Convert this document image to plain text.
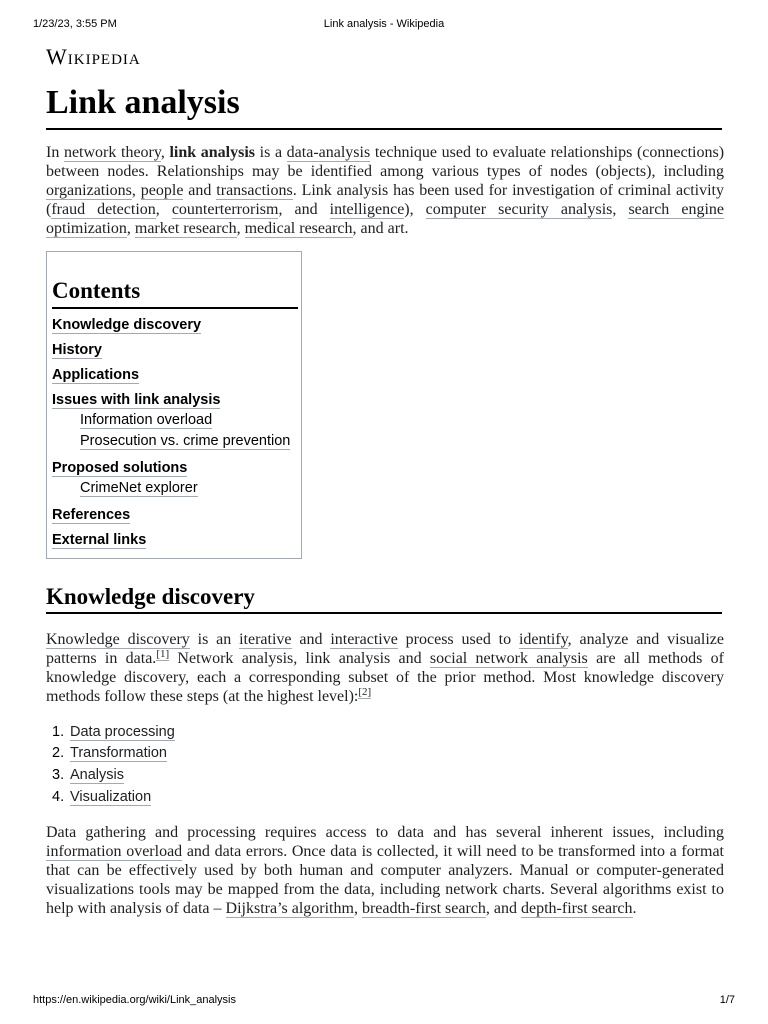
1/23/23, 3:55 PM	Link analysis - Wikipedia
Wikipedia
Link analysis

In network theory, link analysis is a data-analysis technique used to evaluate relationships (connections) between nodes. Relationships may be identified among various types of nodes (objects), including organizations, people and transactions. Link analysis has been used for investigation of criminal activity (fraud detection, counterterrorism, and intelligence), computer security analysis, search engine optimization, market research, medical research, and art.

Contents
Knowledge discovery
History
Applications
Issues with link analysis
Information overload
Prosecution vs. crime prevention
Proposed solutions
CrimeNet explorer
References
External links
Knowledge discovery

Knowledge discovery is an iterative and interactive process used to identify, analyze and visualize patterns in data.[1] Network analysis, link analysis and social network analysis are all methods of knowledge discovery, each a corresponding subset of the prior method. Most knowledge discovery methods follow these steps (at the highest level):[2]

1. Data processing
2. Transformation
3. Analysis
4. Visualization

Data gathering and processing requires access to data and has several inherent issues, including information overload and data errors. Once data is collected, it will need to be transformed into a format that can be effectively used by both human and computer analyzers. Manual or computer-generated visualizations tools may be mapped from the data, including network charts. Several algorithms exist to help with analysis of data – Dijkstra’s algorithm, breadth-first search, and depth-first search.

https://en.wikipedia.org/wiki/Link_analysis	1/7
